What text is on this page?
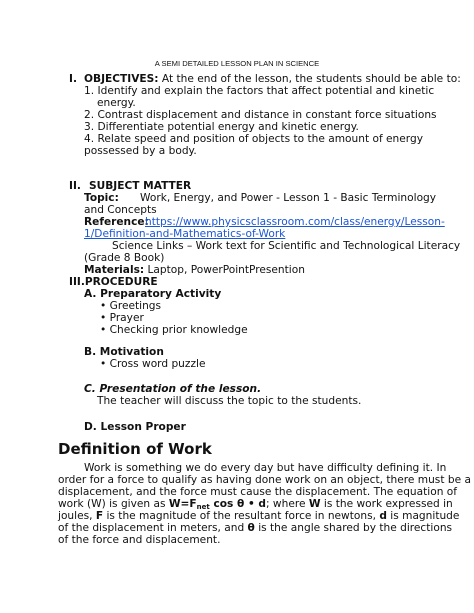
A SEMI DETAILED LESSON PLAN IN SCIENCE
I. OBJECTIVES: At the end of the lesson, the students should be able to:
1. Identify and explain the factors that affect potential and kinetic
energy.
2. Contrast displacement and distance in constant force situations
3. Differentiate potential energy and kinetic energy.
4. Relate speed and position of objects to the amount of energy
possessed by a body.
II. SUBJECT MATTER
Topic: Work, Energy, and Power - Lesson 1 - Basic Terminology
and Concepts
Reference:
https://www.physicsclassroom.com/class/energy/Lesson-
1/Definition-and-Mathematics-of-Work
Science Links – Work text for Scientific and Technological Literacy
(Grade 8 Book)
Materials: Laptop, PowerPointPresention
III.PROCEDURE
A. Preparatory Activity
• Greetings
• Prayer
• Checking prior knowledge
B. Motivation
• Cross word puzzle
C. Presentation of the lesson.
The teacher will discuss the topic to the students.
D. Lesson Proper
Definition of Work
Work is something we do every day but have difficulty defining it. In
order for a force to qualify as having done work on an object, there must be a
displacement, and the force must cause the displacement. The equation of
work (W) is given as $W=F_{net}$ cos θ • d; where W is the work expressed in
joules, F is the magnitude of the resultant force in newtons, d is magnitude
of the displacement in meters, and θ is the angle shared by the directions
of the force and displacement.
